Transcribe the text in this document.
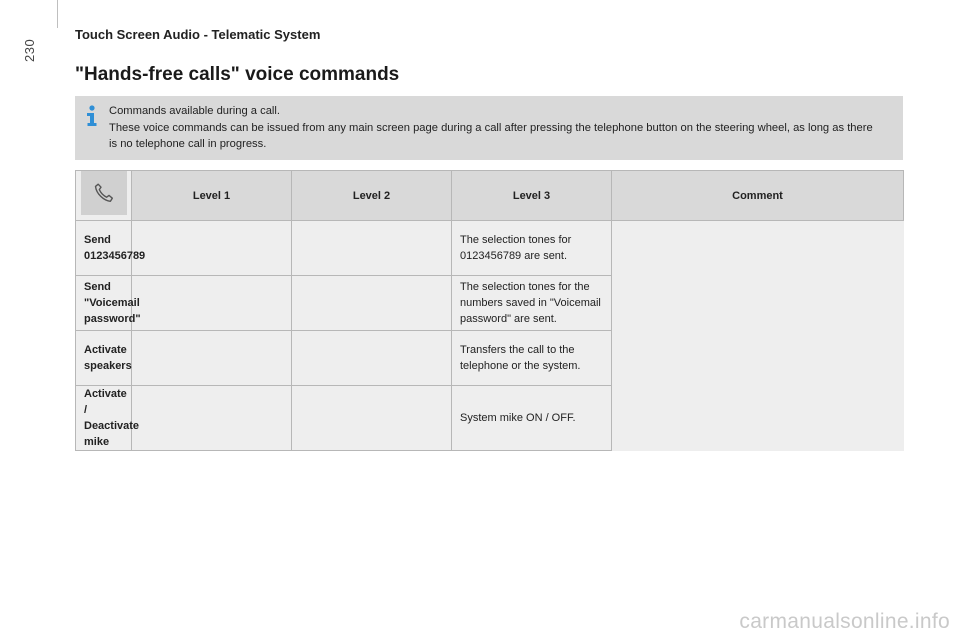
230
Touch Screen Audio - Telematic System
"Hands-free calls" voice commands

Commands available during a call.

These voice commands can be issued from any main screen page during a call after pressing the telephone button on the steering wheel, as long as there is no telephone call in progress.

	Level 1	Level 2	Level 3	Comment
Send 0123456789			The selection tones for 0123456789 are sent.	
Send "Voicemail password"			The selection tones for the numbers saved in "Voicemail password" are sent.	
Activate speakers			Transfers the call to the telephone or the system.	
Activate / Deactivate mike			System mike ON / OFF.	
carmanualsonline.info
